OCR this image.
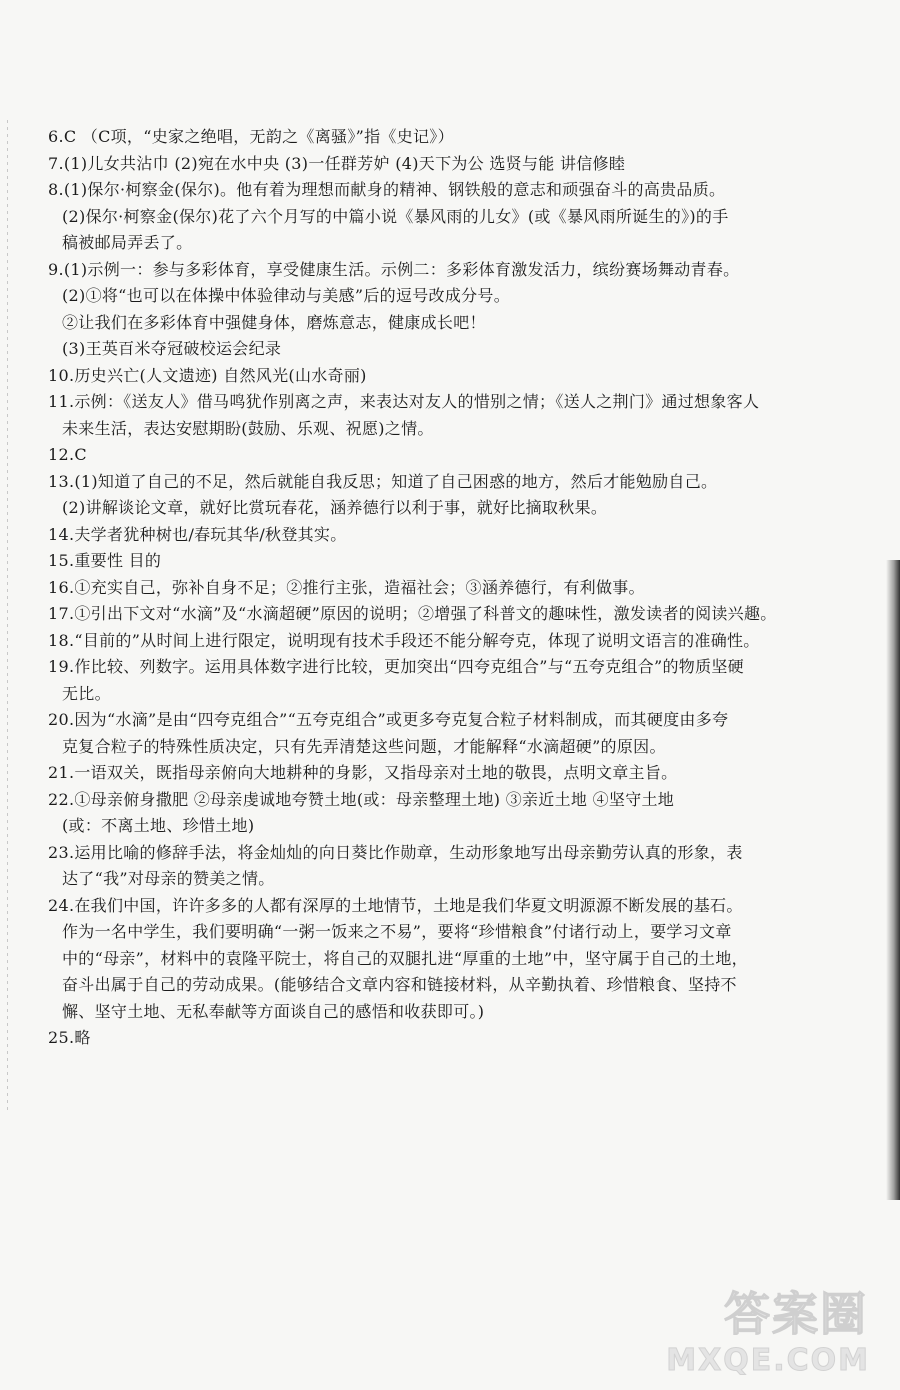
6.C （C项，“史家之绝唱，无韵之《离骚》”指《史记》）
7.(1)儿女共沾巾 (2)宛在水中央 (3)一任群芳妒 (4)天下为公 选贤与能 讲信修睦
8.(1)保尔·柯察金(保尔)。他有着为理想而献身的精神、钢铁般的意志和顽强奋斗的高贵品质。
(2)保尔·柯察金(保尔)花了六个月写的中篇小说《暴风雨的儿女》(或《暴风雨所诞生的》)的手
稿被邮局弄丢了。
9.(1)示例一：参与多彩体育，享受健康生活。示例二：多彩体育激发活力，缤纷赛场舞动青春。
(2)①将“也可以在体操中体验律动与美感”后的逗号改成分号。
②让我们在多彩体育中强健身体，磨炼意志，健康成长吧！
(3)王英百米夺冠破校运会纪录
10.历史兴亡(人文遗迹) 自然风光(山水奇丽)
11.示例：《送友人》借马鸣犹作别离之声，来表达对友人的惜别之情；《送人之荆门》通过想象客人
未来生活，表达安慰期盼(鼓励、乐观、祝愿)之情。
12.C
13.(1)知道了自己的不足，然后就能自我反思；知道了自己困惑的地方，然后才能勉励自己。
(2)讲解谈论文章，就好比赏玩春花，涵养德行以利于事，就好比摘取秋果。
14.夫学者犹种树也/春玩其华/秋登其实。
15.重要性 目的
16.①充实自己，弥补自身不足；②推行主张，造福社会；③涵养德行，有利做事。
17.①引出下文对“水滴”及“水滴超硬”原因的说明；②增强了科普文的趣味性，激发读者的阅读兴趣。
18.“目前的”从时间上进行限定，说明现有技术手段还不能分解夸克，体现了说明文语言的准确性。
19.作比较、列数字。运用具体数字进行比较，更加突出“四夸克组合”与“五夸克组合”的物质坚硬
无比。
20.因为“水滴”是由“四夸克组合”“五夸克组合”或更多夸克复合粒子材料制成，而其硬度由多夸
克复合粒子的特殊性质决定，只有先弄清楚这些问题，才能解释“水滴超硬”的原因。
21.一语双关，既指母亲俯向大地耕种的身影，又指母亲对土地的敬畏，点明文章主旨。
22.①母亲俯身撒肥 ②母亲虔诚地夸赞土地(或：母亲整理土地) ③亲近土地 ④坚守土地
(或：不离土地、珍惜土地)
23.运用比喻的修辞手法，将金灿灿的向日葵比作勋章，生动形象地写出母亲勤劳认真的形象，表
达了“我”对母亲的赞美之情。
24.在我们中国，许许多多的人都有深厚的土地情节，土地是我们华夏文明源源不断发展的基石。
作为一名中学生，我们要明确“一粥一饭来之不易”，要将“珍惜粮食”付诸行动上，要学习文章
中的“母亲”，材料中的袁隆平院士，将自己的双腿扎进“厚重的土地”中，坚守属于自己的土地，
奋斗出属于自己的劳动成果。(能够结合文章内容和链接材料，从辛勤执着、珍惜粮食、坚持不
懈、坚守土地、无私奉献等方面谈自己的感悟和收获即可。)
25.略
答案圈
MXQE.COM
